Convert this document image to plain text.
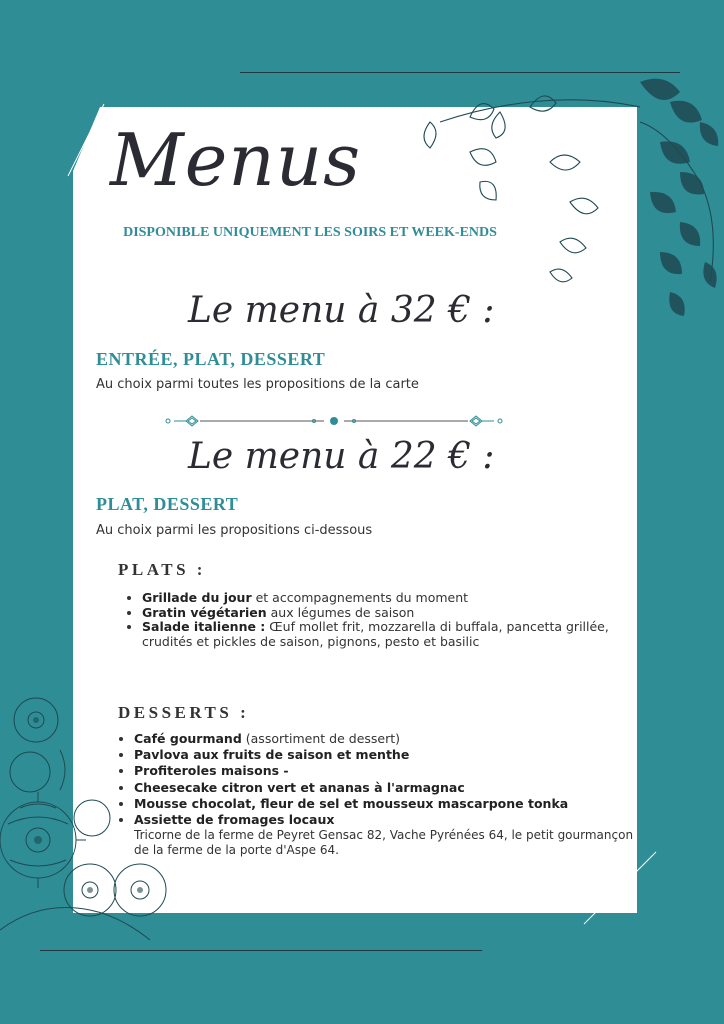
Menus
DISPONIBLE UNIQUEMENT LES SOIRS ET WEEK-ENDS
Le menu à 32 € :
ENTRÉE, PLAT, DESSERT
Au choix parmi toutes les propositions de la carte
Le menu à 22 € :
PLAT, DESSERT
Au choix parmi les propositions ci-dessous
PLATS :
• Grillade du jour et accompagnements du moment
• Gratin végétarien aux légumes de saison
• Salade italienne : Œuf mollet frit, mozzarella di buffala, pancetta grillée, crudités et pickles de saison, pignons, pesto et basilic
DESSERTS :
• Café gourmand (assortiment de dessert)
• Pavlova aux fruits de saison et menthe
• Profiteroles maisons -
• Cheesecake citron vert et ananas à l'armagnac
• Mousse chocolat, fleur de sel et mousseux mascarpone tonka
• Assiette de fromages locaux
Tricorne de la ferme de Peyret Gensac 82, Vache Pyrénées 64, le petit gourmançon de la ferme de la porte d'Aspe 64.
